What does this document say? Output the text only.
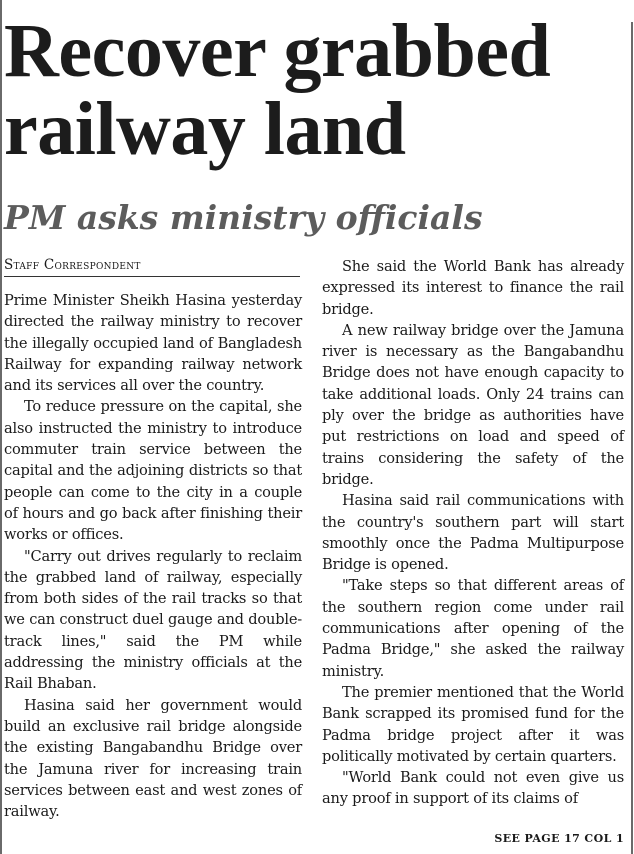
Recover grabbed
railway land
PM asks ministry officials
Staff Correspondent

Prime Minister Sheikh Hasina yesterday directed the railway ministry to recover the illegally occupied land of Bangladesh Railway for expanding railway network and its services all over the country.

To reduce pressure on the capital, she also instructed the ministry to introduce commuter train service between the capital and the adjoining districts so that people can come to the city in a couple of hours and go back after finishing their works or offices.

"Carry out drives regularly to reclaim the grabbed land of railway, especially from both sides of the rail tracks so that we can construct duel gauge and double-track lines," said the PM while addressing the ministry officials at the Rail Bhaban.

Hasina said her government would build an exclusive rail bridge alongside the existing Bangabandhu Bridge over the Jamuna river for increasing train services between east and west zones of railway.

She said the World Bank has already expressed its interest to finance the rail bridge.

A new railway bridge over the Jamuna river is necessary as the Bangabandhu Bridge does not have enough capacity to take additional loads. Only 24 trains can ply over the bridge as authorities have put restrictions on load and speed of trains considering the safety of the bridge.

Hasina said rail communications with the country's southern part will start smoothly once the Padma Multipurpose Bridge is opened.

"Take steps so that different areas of the southern region come under rail communications after opening of the Padma Bridge," she asked the railway ministry.

The premier mentioned that the World Bank scrapped its promised fund for the Padma bridge project after it was politically motivated by certain quarters.

"World Bank could not even give us any proof in support of its claims of

SEE PAGE 17 COL 1
